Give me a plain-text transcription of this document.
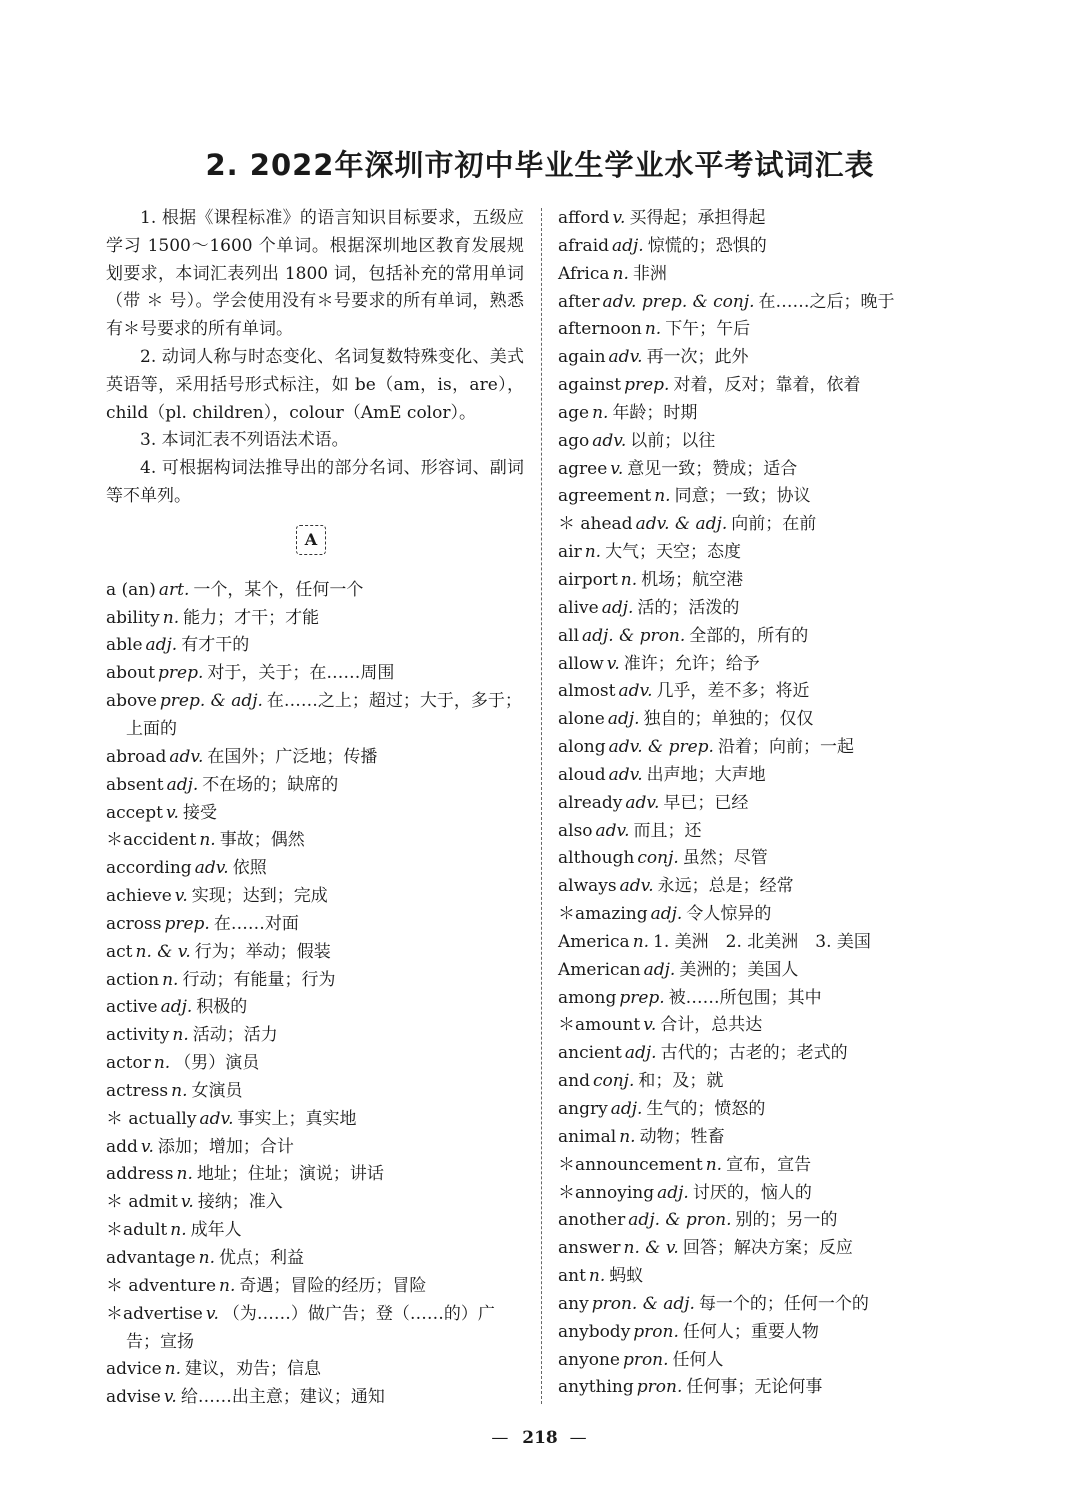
2. 2022年深圳市初中毕业生学业水平考试词汇表

1. 根据《课程标准》的语言知识目标要求，五级应学习 1500～1600 个单词。根据深圳地区教育发展规划要求，本词汇表列出 1800 词，包括补充的常用单词（带 ＊ 号）。学会使用没有＊号要求的所有单词，熟悉有＊号要求的所有单词。

2. 动词人称与时态变化、名词复数特殊变化、美式英语等，采用括号形式标注，如 be（am，is，are），child（pl. children），colour（AmE color）。

3. 本词汇表不列语法术语。

4. 可根据构词法推导出的部分名词、形容词、副词等不单列。

A
a (an) art. 一个，某个，任何一个
ability n. 能力；才干；才能
able adj. 有才干的
about prep. 对于，关于；在……周围
above prep. & adj. 在……之上；超过；大于，多于；上面的
abroad adv. 在国外；广泛地；传播
absent adj. 不在场的；缺席的
accept v. 接受
＊accident n. 事故；偶然
according adv. 依照
achieve v. 实现；达到；完成
across prep. 在……对面
act n. & v. 行为；举动；假装
action n. 行动；有能量；行为
active adj. 积极的
activity n. 活动；活力
actor n. （男）演员
actress n. 女演员
＊ actually adv. 事实上；真实地
add v. 添加；增加；合计
address n. 地址；住址；演说；讲话
＊ admit v. 接纳；准入
＊adult n. 成年人
advantage n. 优点；利益
＊ adventure n. 奇遇；冒险的经历；冒险
＊advertise v. （为……）做广告；登（……的）广告；宣扬
advice n. 建议，劝告；信息
advise v. 给……出主意；建议；通知
afford v. 买得起；承担得起
afraid adj. 惊慌的；恐惧的
Africa n. 非洲
after adv. prep. & conj. 在……之后；晚于
afternoon n. 下午；午后
again adv. 再一次；此外
against prep. 对着，反对；靠着，依着
age n. 年龄；时期
ago adv. 以前；以往
agree v. 意见一致；赞成；适合
agreement n. 同意；一致；协议
＊ ahead adv. & adj. 向前；在前
air n. 大气；天空；态度
airport n. 机场；航空港
alive adj. 活的；活泼的
all adj. & pron. 全部的，所有的
allow v. 准许；允许；给予
almost adv. 几乎，差不多；将近
alone adj. 独自的；单独的；仅仅
along adv. & prep. 沿着；向前；一起
aloud adv. 出声地；大声地
already adv. 早已；已经
also adv. 而且；还
although conj. 虽然；尽管
always adv. 永远；总是；经常
＊amazing adj. 令人惊异的
America n. 1. 美洲　2. 北美洲　3. 美国
American adj. 美洲的；美国人
among prep. 被……所包围；其中
＊amount v. 合计，总共达
ancient adj. 古代的；古老的；老式的
and conj. 和；及；就
angry adj. 生气的；愤怒的
animal n. 动物；牲畜
＊announcement n. 宣布，宣告
＊annoying adj. 讨厌的，恼人的
another adj. & pron. 别的；另一的
answer n. & v. 回答；解决方案；反应
ant n. 蚂蚁
any pron. & adj. 每一个的；任何一个的
anybody pron. 任何人；重要人物
anyone pron. 任何人
anything pron. 任何事；无论何事
— 218 —
